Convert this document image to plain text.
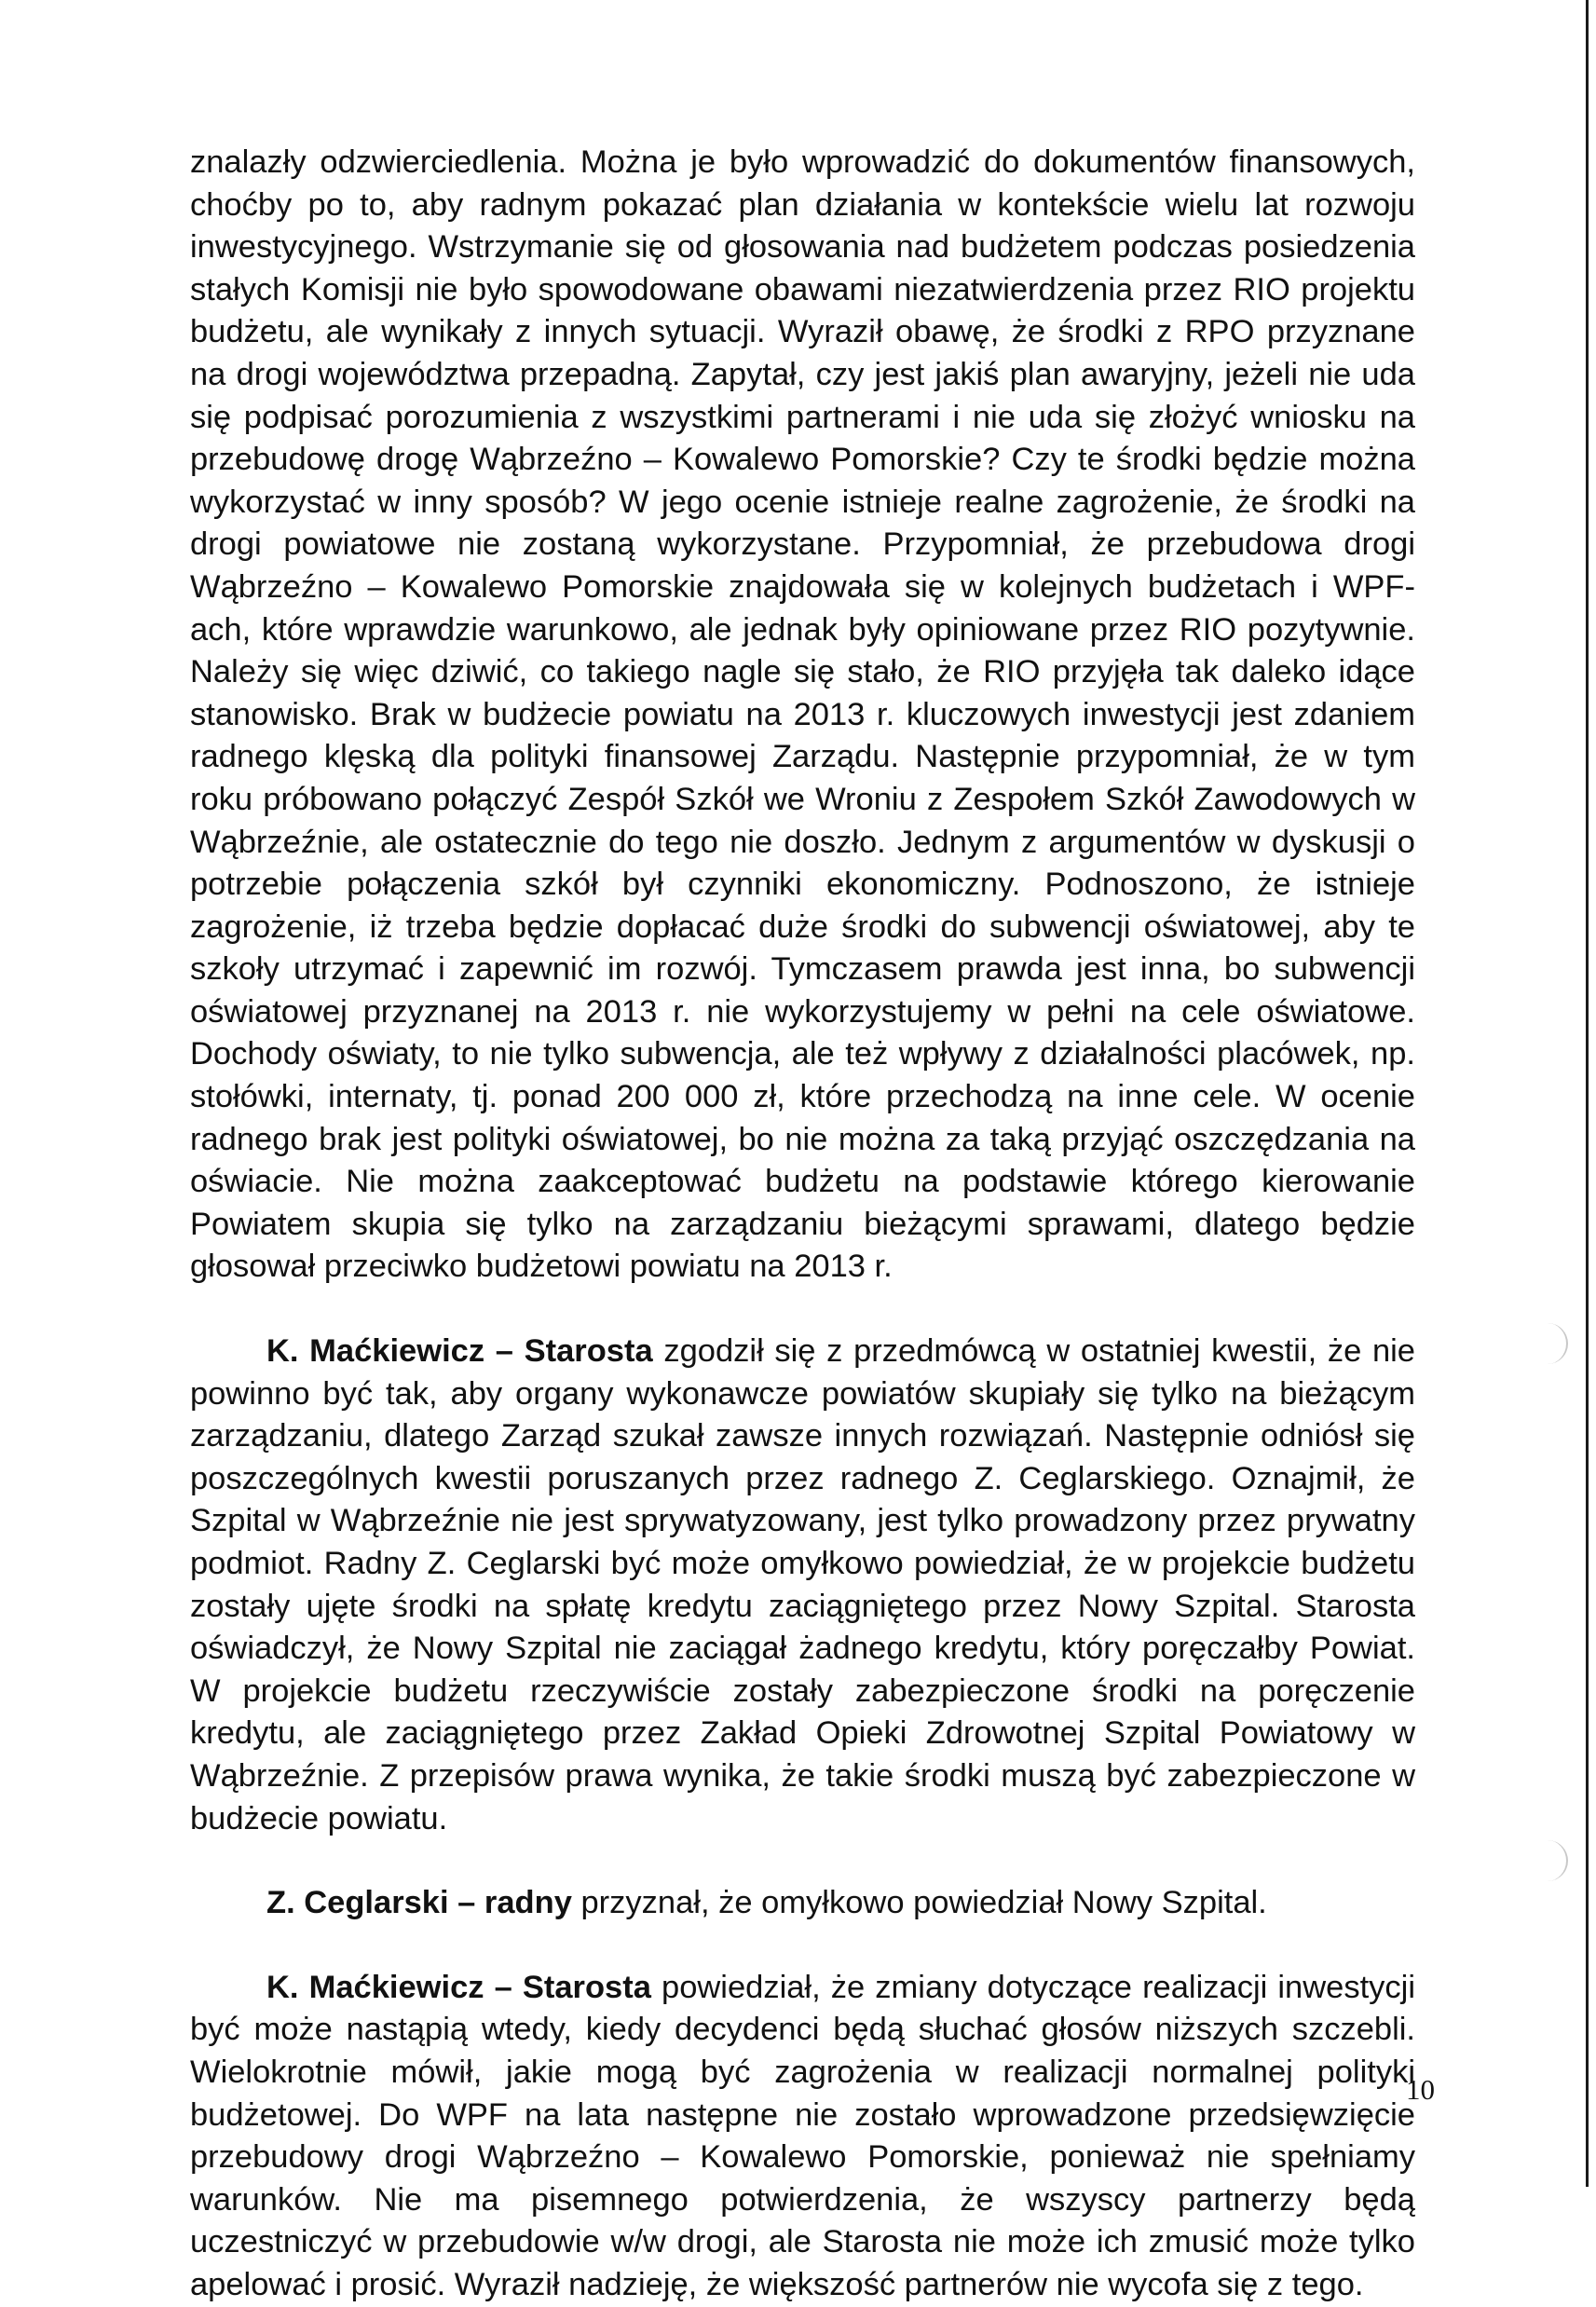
znalazły odzwierciedlenia. Można je było wprowadzić do dokumentów finansowych, choćby po to, aby radnym pokazać plan działania w kontekście wielu lat rozwoju inwestycyjnego. Wstrzymanie się od głosowania nad budżetem podczas posiedzenia stałych Komisji nie było spowodowane obawami niezatwierdzenia przez RIO projektu budżetu, ale wynikały z innych sytuacji. Wyraził obawę, że środki z RPO przyznane na drogi województwa przepadną. Zapytał, czy jest jakiś plan awaryjny, jeżeli nie uda się podpisać porozumienia z wszystkimi partnerami i nie uda się złożyć wniosku na przebudowę drogę Wąbrzeźno – Kowalewo Pomorskie? Czy te środki będzie można wykorzystać w inny sposób? W jego ocenie istnieje realne zagrożenie, że środki na drogi powiatowe nie zostaną wykorzystane. Przypomniał, że przebudowa drogi Wąbrzeźno – Kowalewo Pomorskie znajdowała się w kolejnych budżetach i WPF-ach, które wprawdzie warunkowo, ale jednak były opiniowane przez RIO pozytywnie. Należy się więc dziwić, co takiego nagle się stało, że RIO przyjęła tak daleko idące stanowisko. Brak w budżecie powiatu na 2013 r. kluczowych inwestycji jest zdaniem radnego klęską dla polityki finansowej Zarządu. Następnie przypomniał, że w tym roku próbowano połączyć Zespół Szkół we Wroniu z Zespołem Szkół Zawodowych w Wąbrzeźnie, ale ostatecznie do tego nie doszło. Jednym z argumentów w dyskusji o potrzebie połączenia szkół był czynniki ekonomiczny. Podnoszono, że istnieje zagrożenie, iż trzeba będzie dopłacać duże środki do subwencji oświatowej, aby te szkoły utrzymać i zapewnić im rozwój. Tymczasem prawda jest inna, bo subwencji oświatowej przyznanej na 2013 r. nie wykorzystujemy w pełni na cele oświatowe. Dochody oświaty, to nie tylko subwencja, ale też wpływy z działalności placówek, np. stołówki, internaty, tj. ponad 200 000 zł, które przechodzą na inne cele. W ocenie radnego brak jest polityki oświatowej, bo nie można za taką przyjąć oszczędzania na oświacie. Nie można zaakceptować budżetu na podstawie którego kierowanie Powiatem skupia się tylko na zarządzaniu bieżącymi sprawami, dlatego będzie głosował przeciwko budżetowi powiatu na 2013 r.

K. Maćkiewicz – Starosta zgodził się z przedmówcą w ostatniej kwestii, że nie powinno być tak, aby organy wykonawcze powiatów skupiały się tylko na bieżącym zarządzaniu, dlatego Zarząd szukał zawsze innych rozwiązań. Następnie odniósł się poszczególnych kwestii poruszanych przez radnego Z. Ceglarskiego. Oznajmił, że Szpital w Wąbrzeźnie nie jest sprywatyzowany, jest tylko prowadzony przez prywatny podmiot. Radny Z. Ceglarski być może omyłkowo powiedział, że w projekcie budżetu zostały ujęte środki na spłatę kredytu zaciągniętego przez Nowy Szpital. Starosta oświadczył, że Nowy Szpital nie zaciągał żadnego kredytu, który poręczałby Powiat. W projekcie budżetu rzeczywiście zostały zabezpieczone środki na poręczenie kredytu, ale zaciągniętego przez Zakład Opieki Zdrowotnej Szpital Powiatowy w Wąbrzeźnie. Z przepisów prawa wynika, że takie środki muszą być zabezpieczone w budżecie powiatu.

Z. Ceglarski – radny przyznał, że omyłkowo powiedział Nowy Szpital.

K. Maćkiewicz – Starosta powiedział, że zmiany dotyczące realizacji inwestycji być może nastąpią wtedy, kiedy decydenci będą słuchać głosów niższych szczebli. Wielokrotnie mówił, jakie mogą być zagrożenia w realizacji normalnej polityki budżetowej. Do WPF na lata następne nie zostało wprowadzone przedsięwzięcie przebudowy drogi Wąbrzeźno – Kowalewo Pomorskie, ponieważ nie spełniamy warunków. Nie ma pisemnego potwierdzenia, że wszyscy partnerzy będą uczestniczyć w przebudowie w/w drogi, ale Starosta nie może ich zmusić może tylko apelować i prosić. Wyraził nadzieję, że większość partnerów nie wycofa się z tego.

10
